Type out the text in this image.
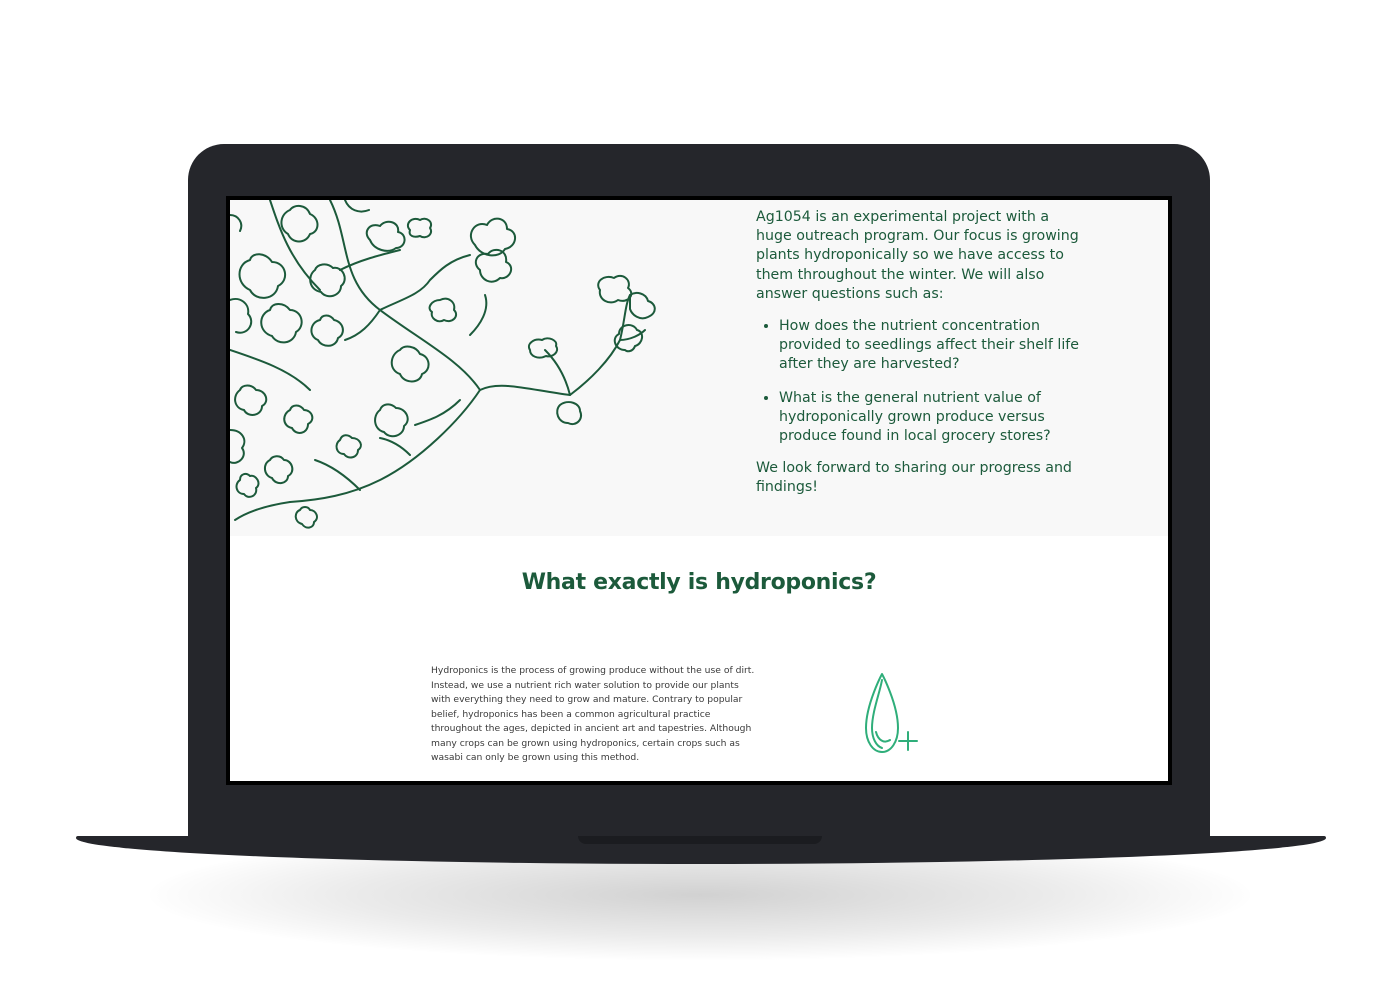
Ag1054 is an experimental project with a huge outreach program. Our focus is growing plants hydroponically so we have access to them throughout the winter. We will also answer questions such as:

• How does the nutrient concentration provided to seedlings affect their shelf life after they are harvested?
• What is the general nutrient value of hydroponically grown produce versus produce found in local grocery stores?

We look forward to sharing our progress and findings!

What exactly is hydroponics?

Hydroponics is the process of growing produce without the use of dirt. Instead, we use a nutrient rich water solution to provide our plants with everything they need to grow and mature. Contrary to popular belief, hydroponics has been a common agricultural practice throughout the ages, depicted in ancient art and tapestries. Although many crops can be grown using hydroponics, certain crops such as wasabi can only be grown using this method.
